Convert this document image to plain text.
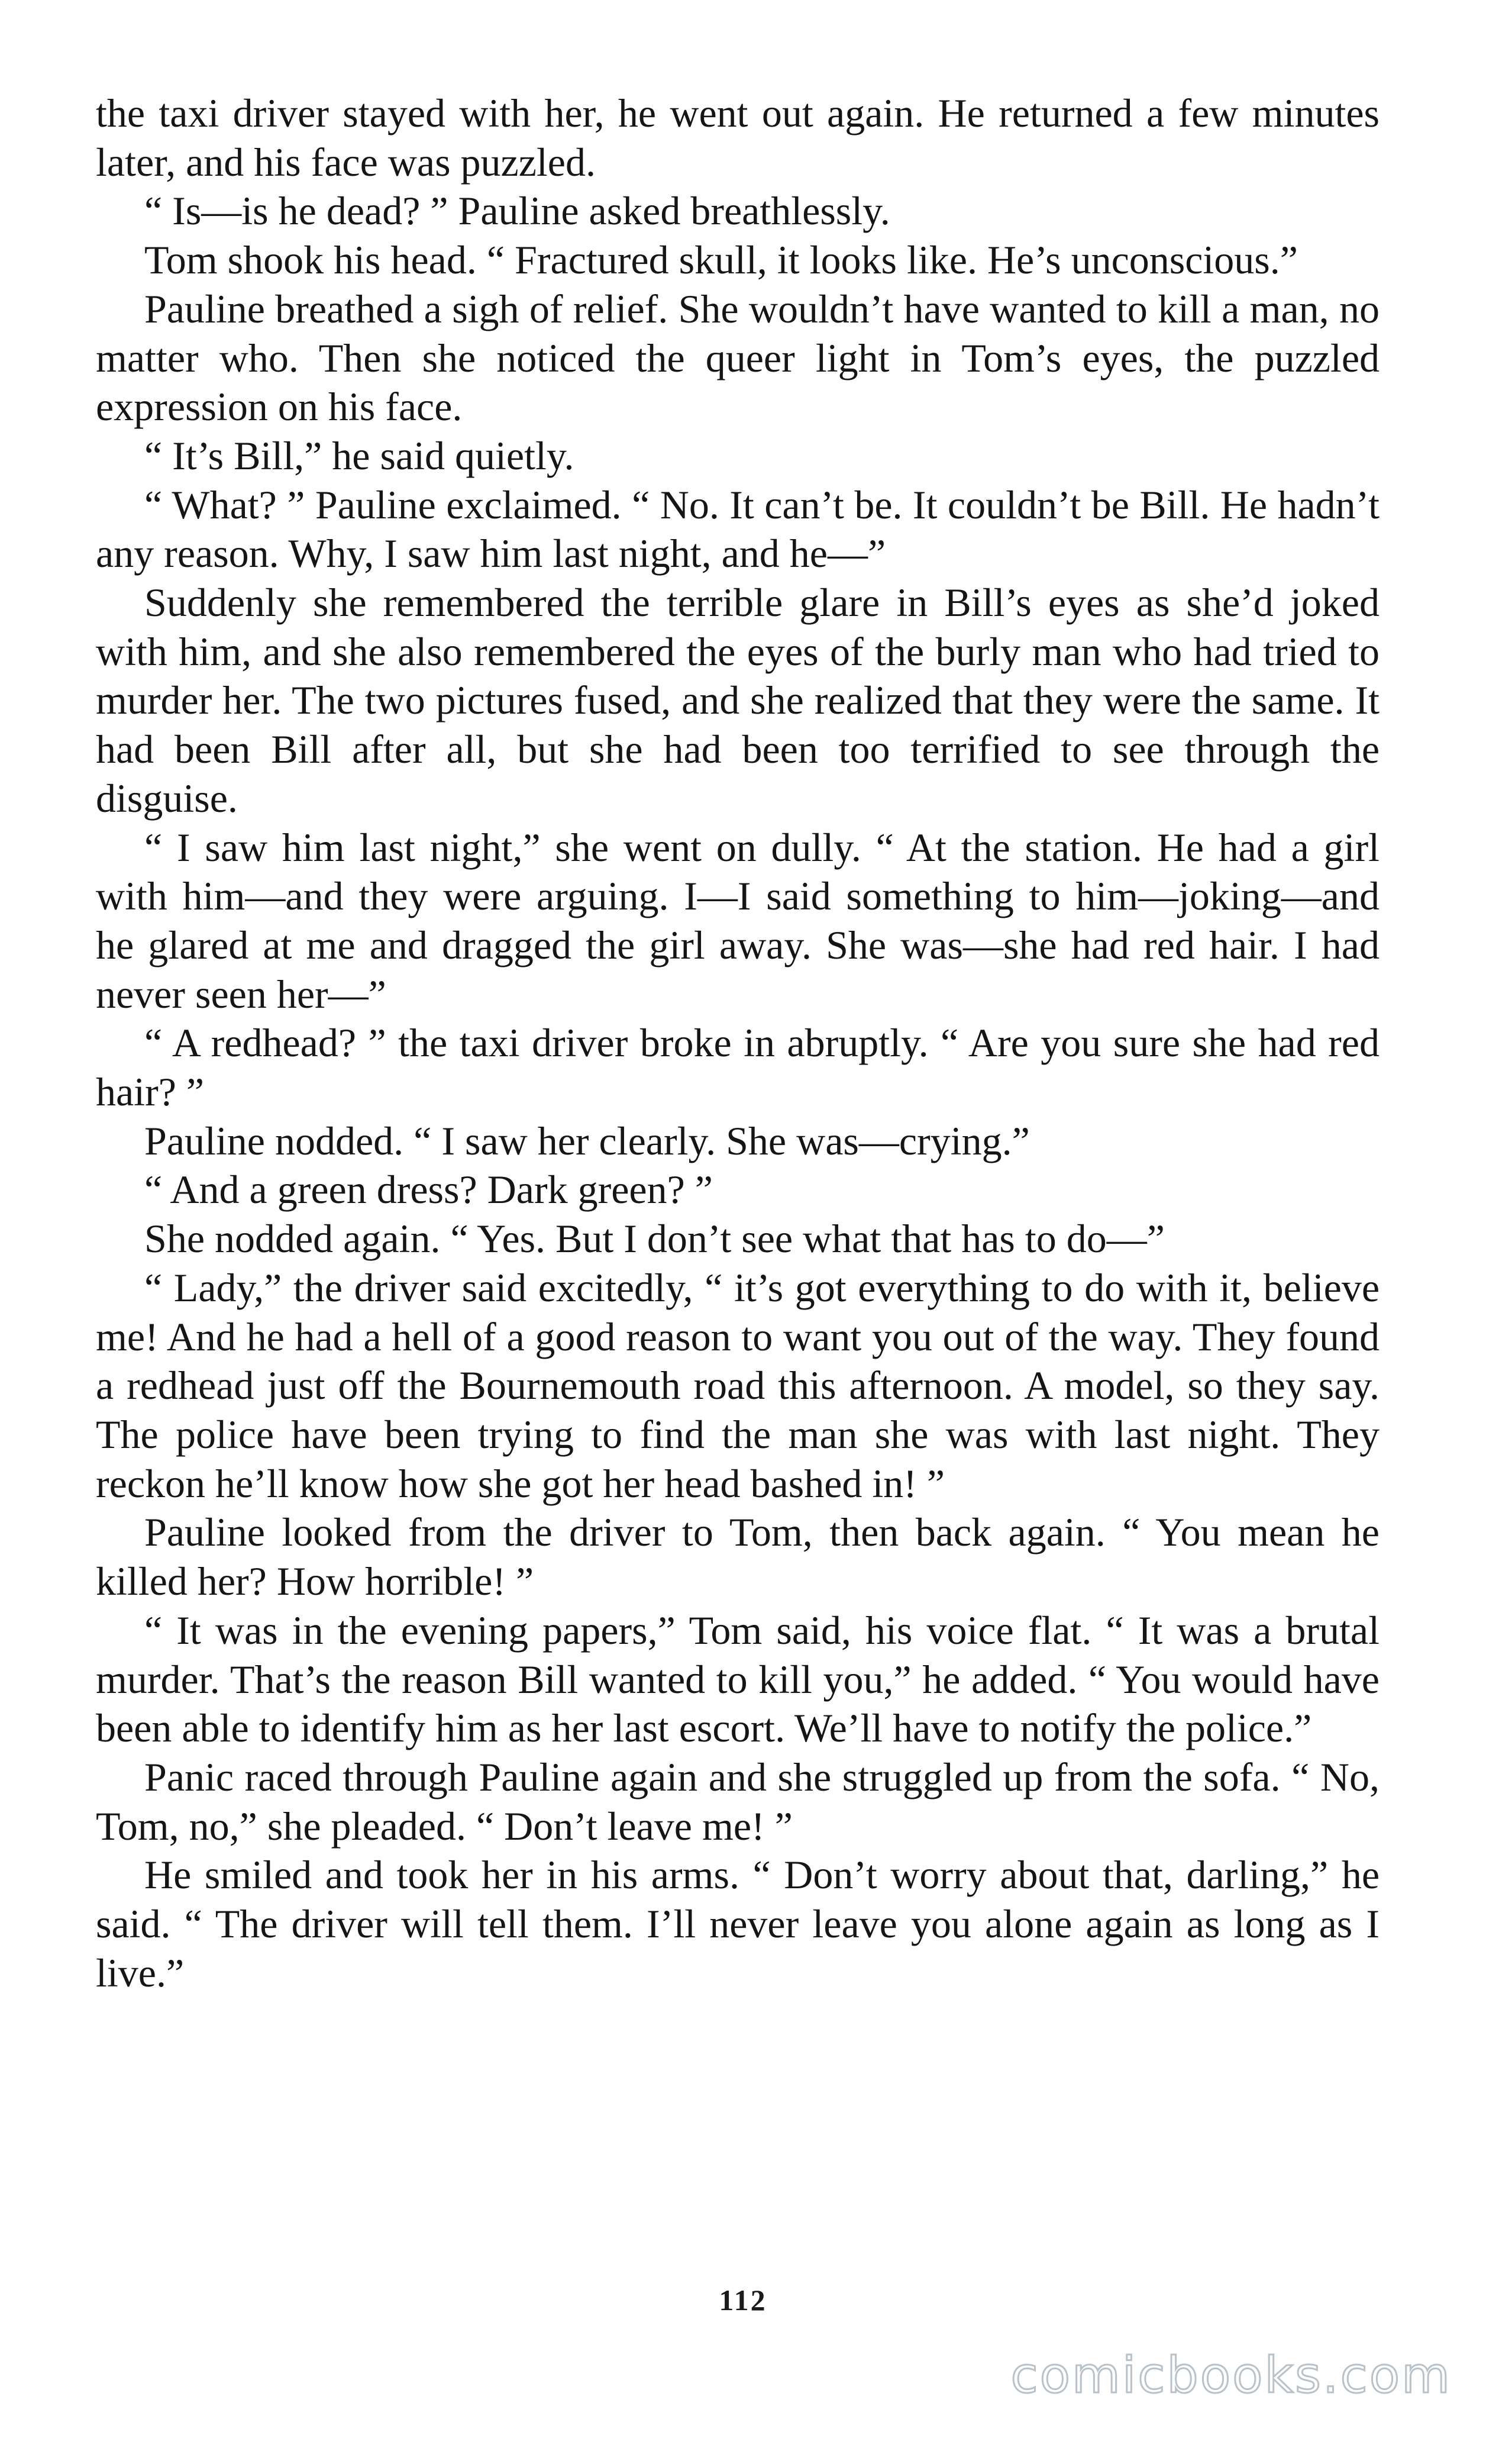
the taxi driver stayed with her, he went out again. He returned a few minutes later, and his face was puzzled.

“ Is—is he dead? ” Pauline asked breathlessly.

Tom shook his head. “ Fractured skull, it looks like. He’s unconscious.”

Pauline breathed a sigh of relief. She wouldn’t have wanted to kill a man, no matter who. Then she noticed the queer light in Tom’s eyes, the puzzled expression on his face.

“ It’s Bill,” he said quietly.

“ What? ” Pauline exclaimed. “ No. It can’t be. It couldn’t be Bill. He hadn’t any reason. Why, I saw him last night, and he—”

Suddenly she remembered the terrible glare in Bill’s eyes as she’d joked with him, and she also remembered the eyes of the burly man who had tried to murder her. The two pictures fused, and she realized that they were the same. It had been Bill after all, but she had been too terrified to see through the disguise.

“ I saw him last night,” she went on dully. “ At the station. He had a girl with him—and they were arguing. I—I said something to him—joking—and he glared at me and dragged the girl away. She was—she had red hair. I had never seen her—”

“ A redhead? ” the taxi driver broke in abruptly. “ Are you sure she had red hair? ”

Pauline nodded. “ I saw her clearly. She was—crying.”

“ And a green dress? Dark green? ”

She nodded again. “ Yes. But I don’t see what that has to do—”

“ Lady,” the driver said excitedly, “ it’s got everything to do with it, believe me! And he had a hell of a good reason to want you out of the way. They found a redhead just off the Bournemouth road this afternoon. A model, so they say. The police have been trying to find the man she was with last night. They reckon he’ll know how she got her head bashed in! ”

Pauline looked from the driver to Tom, then back again. “ You mean he killed her? How horrible! ”

“ It was in the evening papers,” Tom said, his voice flat. “ It was a brutal murder. That’s the reason Bill wanted to kill you,” he added. “ You would have been able to identify him as her last escort. We’ll have to notify the police.”

Panic raced through Pauline again and she struggled up from the sofa. “ No, Tom, no,” she pleaded. “ Don’t leave me! ”

He smiled and took her in his arms. “ Don’t worry about that, darling,” he said. “ The driver will tell them. I’ll never leave you alone again as long as I live.”

112
comicbooks.com
